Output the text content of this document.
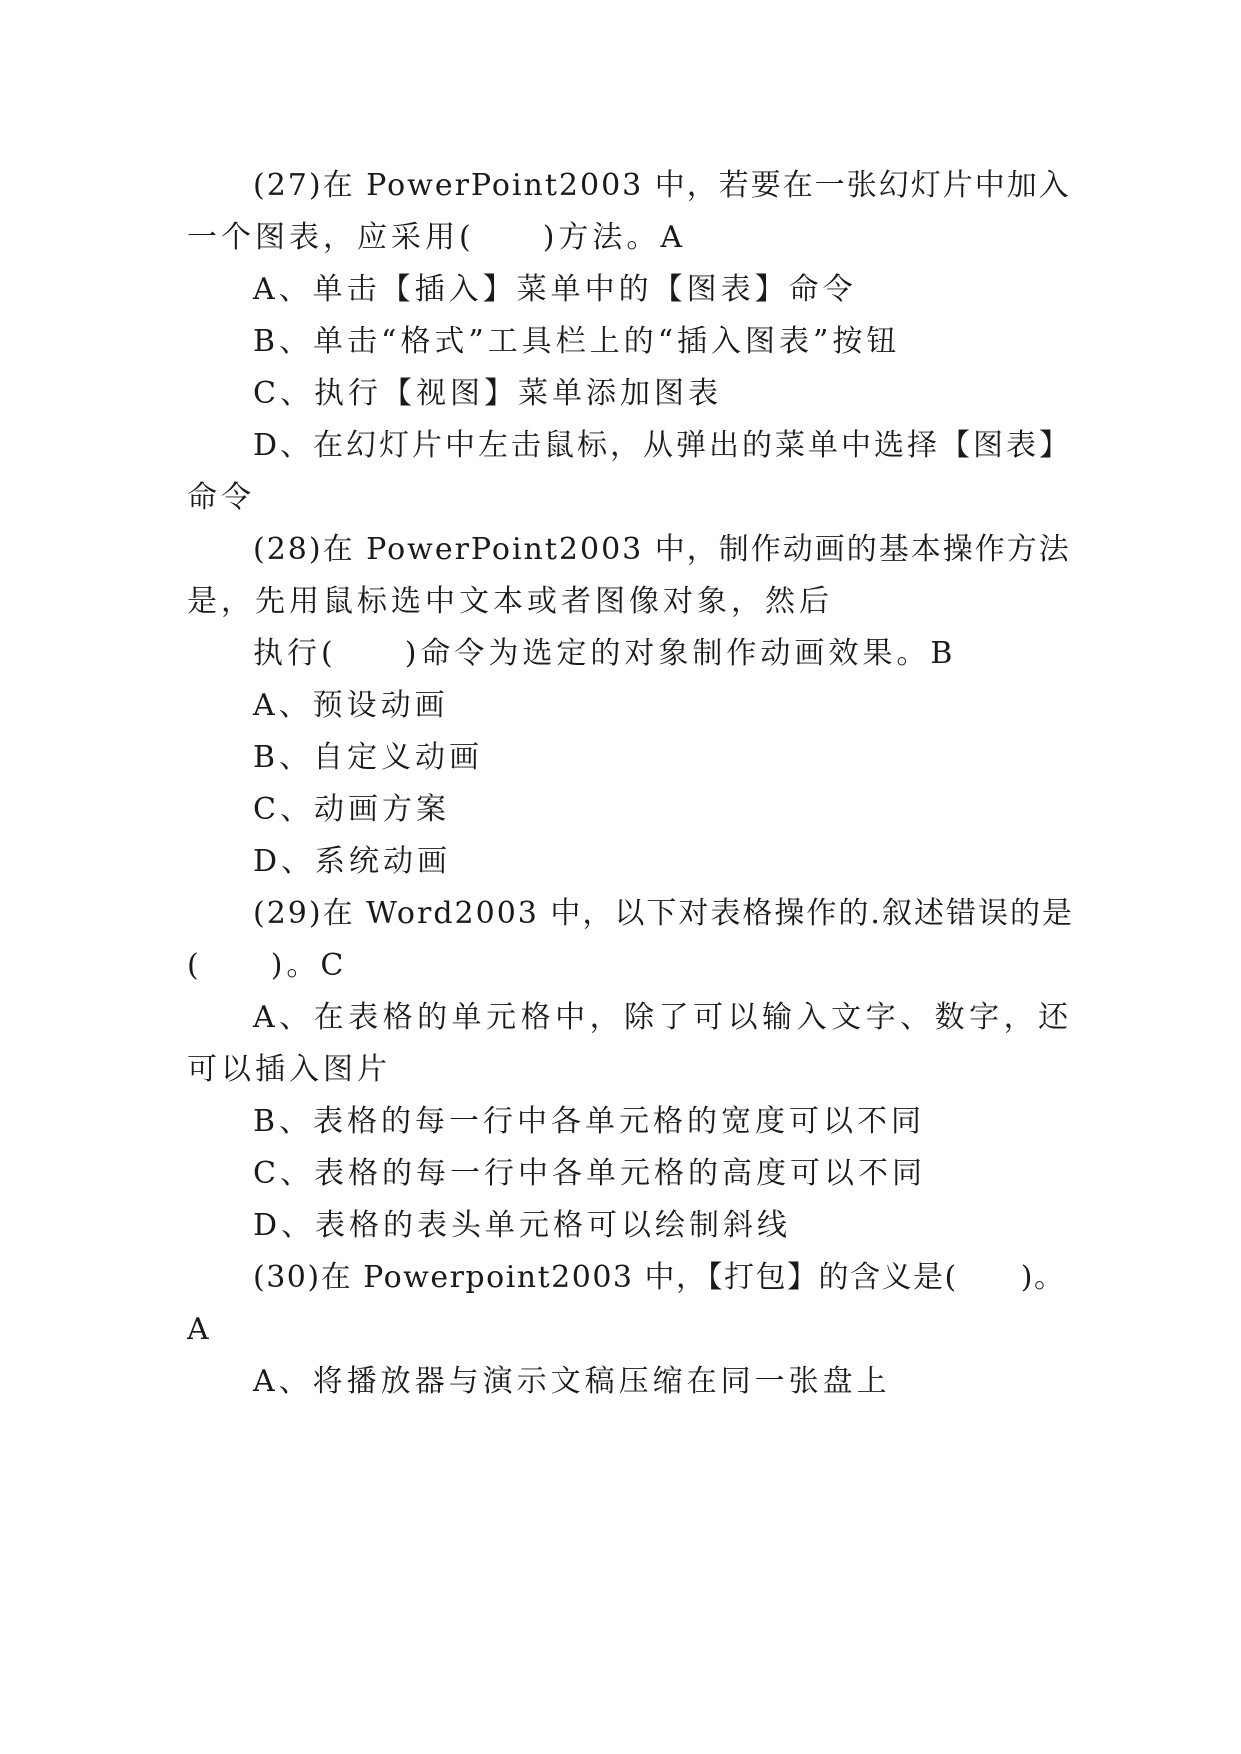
(27)在 PowerPoint2003 中，若要在一张幻灯片中加入
一个图表，应采用(　　)方法。A
A、单击【插入】菜单中的【图表】命令
B、单击“格式”工具栏上的“插入图表”按钮
C、执行【视图】菜单添加图表
D、在幻灯片中左击鼠标，从弹出的菜单中选择【图表】
命令
(28)在 PowerPoint2003 中，制作动画的基本操作方法
是，先用鼠标选中文本或者图像对象，然后
执行(　　)命令为选定的对象制作动画效果。B
A、预设动画
B、自定义动画
C、动画方案
D、系统动画
(29)在 Word2003 中，以下对表格操作的.叙述错误的是
(　　)。C
A、在表格的单元格中，除了可以输入文字、数字，还
可以插入图片
B、表格的每一行中各单元格的宽度可以不同
C、表格的每一行中各单元格的高度可以不同
D、表格的表头单元格可以绘制斜线
(30)在 Powerpoint2003 中，【打包】的含义是(　　)。
A
A、将播放器与演示文稿压缩在同一张盘上
